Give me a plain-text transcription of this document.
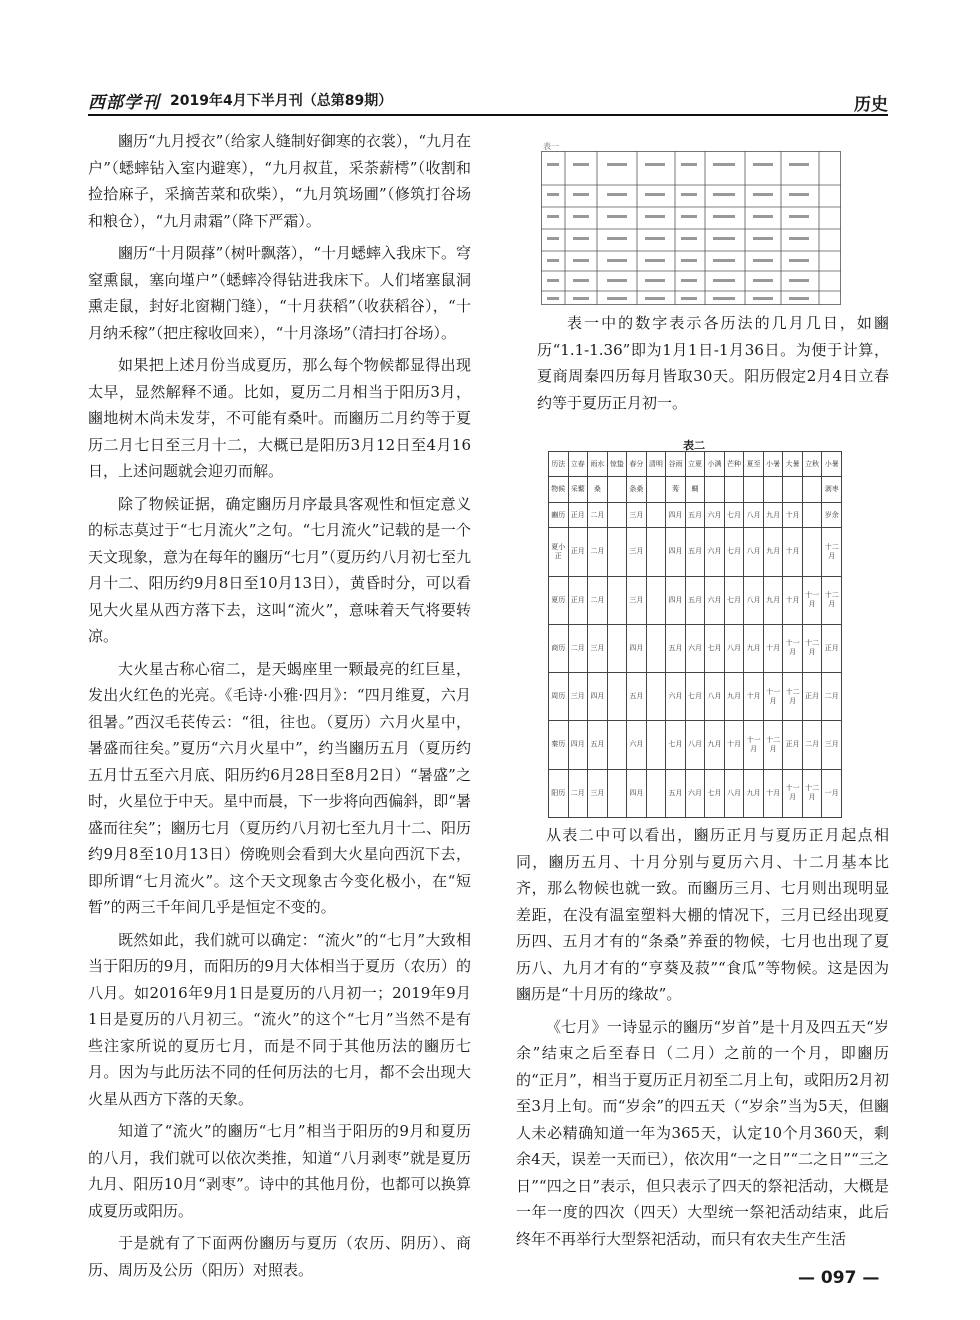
西部学刊 2019年4月下半月刊（总第89期）	历史

豳历“九月授衣”（给家人缝制好御寒的衣裳），“九月在户”（蟋蟀钻入室内避寒），“九月叔苴，采荼薪樗”（收割和捡拾麻子，采摘苦菜和砍柴），“九月筑场圃”（修筑打谷场和粮仓），“九月肃霜”（降下严霜）。

豳历“十月陨萚”（树叶飘落），“十月蟋蟀入我床下。穹窒熏鼠，塞向墐户”（蟋蟀冷得钻进我床下。人们堵塞鼠洞熏走鼠，封好北窗糊门缝），“十月获稻”（收获稻谷），“十月纳禾稼”（把庄稼收回来），“十月涤场”（清扫打谷场）。

如果把上述月份当成夏历，那么每个物候都显得出现太早，显然解释不通。比如，夏历二月相当于阳历3月，豳地树木尚未发芽，不可能有桑叶。而豳历二月约等于夏历二月七日至三月十二，大概已是阳历3月12日至4月16日，上述问题就会迎刃而解。

除了物候证据，确定豳历月序最具客观性和恒定意义的标志莫过于“七月流火”之句。“七月流火”记载的是一个天文现象，意为在每年的豳历“七月”（夏历约八月初七至九月十二、阳历约9月8日至10月13日），黄昏时分，可以看见大火星从西方落下去，这叫“流火”，意味着天气将要转凉。

大火星古称心宿二，是天蝎座里一颗最亮的红巨星，发出火红色的光亮。《毛诗·小雅·四月》：“四月维夏，六月徂暑。”西汉毛苌传云：“徂，往也。（夏历）六月火星中，暑盛而往矣。”夏历“六月火星中”，约当豳历五月（夏历约五月廿五至六月底、阳历约6月28日至8月2日）“暑盛”之时，火星位于中天。星中而晨，下一步将向西偏斜，即“暑盛而往矣”；豳历七月（夏历约八月初七至九月十二、阳历约9月8至10月13日）傍晚则会看到大火星向西沉下去，即所谓“七月流火”。这个天文现象古今变化极小，在“短暂”的两三千年间几乎是恒定不变的。

既然如此，我们就可以确定：“流火”的“七月”大致相当于阳历的9月，而阳历的9月大体相当于夏历（农历）的八月。如2016年9月1日是夏历的八月初一；2019年9月1日是夏历的八月初三。“流火”的这个“七月”当然不是有些注家所说的夏历七月，而是不同于其他历法的豳历七月。因为与此历法不同的任何历法的七月，都不会出现大火星从西方下落的天象。

知道了“流火”的豳历“七月”相当于阳历的9月和夏历的八月，我们就可以依次类推，知道“八月剥枣”就是夏历九月、阳历10月“剥枣”。诗中的其他月份，也都可以换算成夏历或阳历。

于是就有了下面两份豳历与夏历（农历、阴历）、商历、周历及公历（阳历）对照表。

表一

表一中的数字表示各历法的几月几日，如豳历“1.1-1.36”即为1月1日-1月36日。为便于计算，夏商周秦四历每月皆取30天。阳历假定2月4日立春约等于夏历正月初一。

表二
历法	立春	雨水	惊蛰	春分	清明	谷雨	立夏	小满	芒种	夏至	小暑	大暑	立秋	小暑
物候	采蘩	桑		条桑		莠	蜩							剥枣
豳历	正月	二月		三月		四月	五月	六月	七月	八月	九月	十月		岁余
夏小正	正月	二月		三月		四月	五月	六月	七月	八月	九月	十月		十二月
夏历	正月	二月		三月		四月	五月	六月	七月	八月	九月	十月	十一月	十二月
商历	二月	三月		四月		五月	六月	七月	八月	九月	十月	十一月	十二月	正月
周历	三月	四月		五月		六月	七月	八月	九月	十月	十一月	十二月	正月	二月
秦历	四月	五月		六月		七月	八月	九月	十月	十一月	十二月	正月	二月	三月
阳历	二月	三月		四月		五月	六月	七月	八月	九月	十月	十一月	十二月	一月

从表二中可以看出，豳历正月与夏历正月起点相同，豳历五月、十月分别与夏历六月、十二月基本比齐，那么物候也就一致。而豳历三月、七月则出现明显差距，在没有温室塑料大棚的情况下，三月已经出现夏历四、五月才有的“条桑”养蚕的物候，七月也出现了夏历八、九月才有的“亨葵及菽”“食瓜”等物候。这是因为豳历是“十月历的缘故”。

《七月》一诗显示的豳历“岁首”是十月及四五天“岁余”结束之后至春日（二月）之前的一个月，即豳历的“正月”，相当于夏历正月初至二月上旬，或阳历2月初至3月上旬。而“岁余”的四五天（“岁余”当为5天，但豳人未必精确知道一年为365天，认定10个月360天，剩余4天，误差一天而已），依次用“一之日”“二之日”“三之日”“四之日”表示，但只表示了四天的祭祀活动，大概是一年一度的四次（四天）大型统一祭祀活动结束，此后终年不再举行大型祭祀活动，而只有农夫生产生活

— 097 —
